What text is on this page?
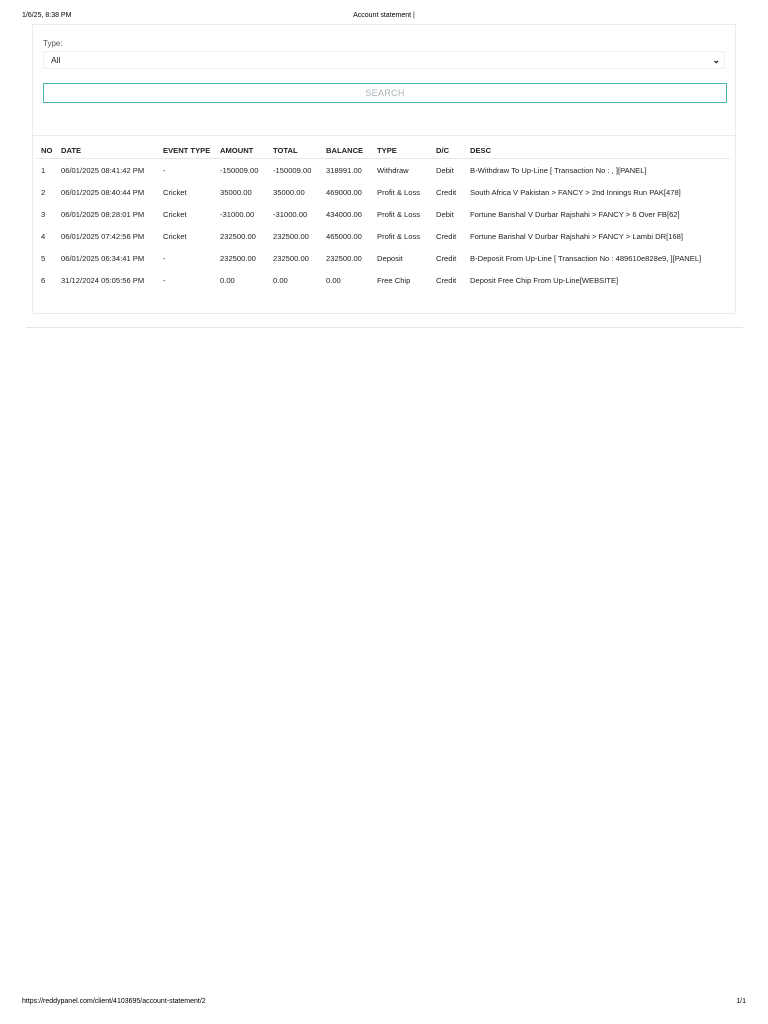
1/6/25, 8:38 PM	Account statement |
Type:
All	⌄
SEARCH
NO	DATE	EVENT TYPE	AMOUNT	TOTAL	BALANCE	TYPE	D/C	DESC
1	06/01/2025 08:41:42 PM	-	-150009.00	-150009.00	318991.00	Withdraw	Debit	B-Withdraw To Up-Line [ Transaction No : , ][PANEL]
2	06/01/2025 08:40:44 PM	Cricket	35000.00	35000.00	469000.00	Profit & Loss	Credit	South Africa V Pakistan > FANCY > 2nd Innings Run PAK[478]
3	06/01/2025 08:28:01 PM	Cricket	-31000.00	-31000.00	434000.00	Profit & Loss	Debit	Fortune Barishal V Durbar Rajshahi > FANCY > 6 Over FB[62]
4	06/01/2025 07:42:56 PM	Cricket	232500.00	232500.00	465000.00	Profit & Loss	Credit	Fortune Barishal V Durbar Rajshahi > FANCY > Lambi DR[168]
5	06/01/2025 06:34:41 PM	-	232500.00	232500.00	232500.00	Deposit	Credit	B-Deposit From Up-Line [ Transaction No : 489610e828e9, ][PANEL]
6	31/12/2024 05:05:56 PM	-	0.00	0.00	0.00	Free Chip	Credit	Deposit Free Chip From Up-Line[WEBSITE]
https://reddypanel.com/client/4103695/account-statement/2	1/1
